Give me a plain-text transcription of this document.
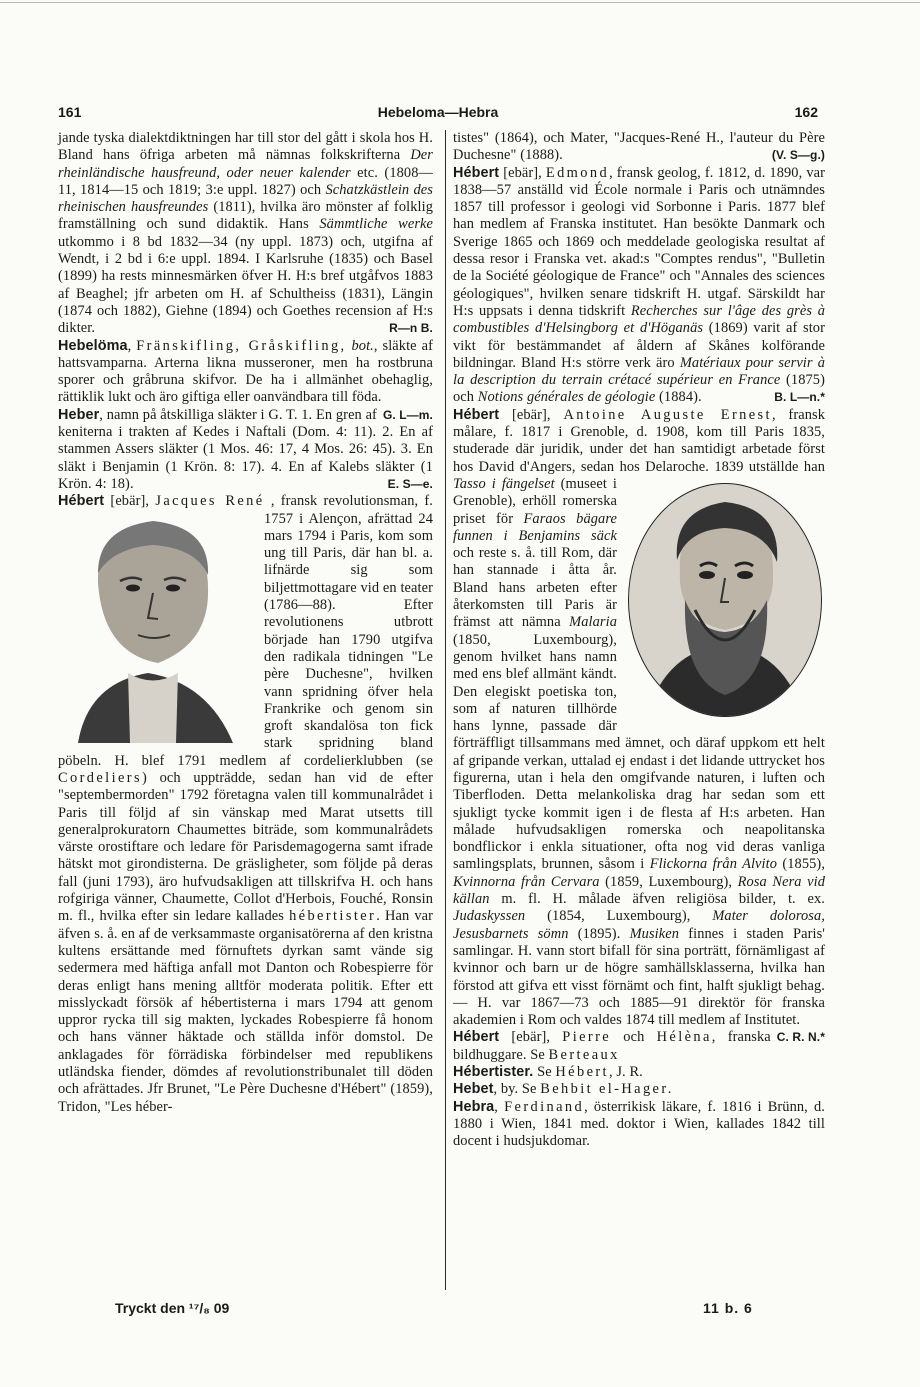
161	Hebeloma—Hebra	162

jande tyska dialektdiktningen har till stor del gått i skola hos H. Bland hans öfriga arbeten må nämnas folkskrifterna Der rheinländische hausfreund, oder neuer kalender etc. (1808—11, 1814—15 och 1819; 3:e uppl. 1827) och Schatzkästlein des rheinischen hausfreundes (1811), hvilka äro mönster af folklig framställning och sund didaktik. Hans Sämmtliche werke utkommo i 8 bd 1832—34 (ny uppl. 1873) och, utgifna af Wendt, i 2 bd i 6:e uppl. 1894. I Karlsruhe (1835) och Basel (1899) ha rests minnesmärken öfver H. H:s bref utgåfvos 1883 af Beaghel; jfr arbeten om H. af Schultheiss (1831), Längin (1874 och 1882), Giehne (1894) och Goethes recension af H:s dikter.	R—n B.

Hebelöma, Fränskifling, Gråskifling, bot., släkte af hattsvamparna. Arterna likna musseroner, men ha rostbruna sporer och gråbruna skifvor. De ha i allmänhet obehaglig, rättiklik lukt och äro giftiga eller oanvändbara till föda.
G. L—m.

Heber, namn på åtskilliga släkter i G. T. 1. En gren af keniterna i trakten af Kedes i Naftali (Dom. 4: 11). 2. En af stammen Assers släkter (1 Mos. 46: 17, 4 Mos. 26: 45). 3. En släkt i Benjamin (1 Krön. 8: 17). 4. En af Kalebs släkter (1 Krön. 4: 18).	E. S—e.

Hébert [ebär], Jacques René , fransk revolutionsman, f. 1757 i Alençon, afrättad 24 mars 1794 i Paris, kom som ung till Paris, där han bl. a. lifnärde sig som biljettmottagare vid en teater (1786—88). Efter revolutionens utbrott började han 1790 utgifva den radikala tidningen "Le père Duchesne", hvilken vann spridning öfver hela Frankrike och genom sin groft skandalösa ton fick stark spridning bland pöbeln. H. blef 1791 medlem af cordelierklubben (se Cordeliers) och uppträdde, sedan han vid de efter "septembermorden" 1792 företagna valen till kommunalrådet i Paris till följd af sin vänskap med Marat utsetts till generalprokuratorn Chaumettes biträde, som kommunalrådets värste orostiftare och ledare för Parisdemagogerna samt ifrade hätskt mot girondisterna. De gräsligheter, som följde på deras fall (juni 1793), äro hufvudsakligen att tillskrifva H. och hans rofgiriga vänner, Chaumette, Collot d'Herbois, Fouché, Ronsin m. fl., hvilka efter sin ledare kallades hébertister. Han var äfven s. å. en af de verksammaste organisatörerna af den kristna kultens ersättande med förnuftets dyrkan samt vände sig sedermera med häftiga anfall mot Danton och Robespierre för deras enligt hans mening alltför moderata politik. Efter ett misslyckadt försök af hébertisterna i mars 1794 att genom uppror rycka till sig makten, lyckades Robespierre få honom och hans vänner häktade och ställda inför domstol. De anklagades för förrädiska förbindelser med republikens utländska fiender, dömdes af revolutionstribunalet till döden och afrättades. Jfr Brunet, "Le Père Duchesne d'Hébert" (1859), Tridon, "Les héber-

tistes" (1864), och Mater, "Jacques-René H., l'auteur du Père Duchesne" (1888).	(V. S—g.)

Hébert [ebär], Edmond, fransk geolog, f. 1812, d. 1890, var 1838—57 anställd vid École normale i Paris och utnämndes 1857 till professor i geologi vid Sorbonne i Paris. 1877 blef han medlem af Franska institutet. Han besökte Danmark och Sverige 1865 och 1869 och meddelade geologiska resultat af dessa resor i Franska vet. akad:s "Comptes rendus", "Bulletin de la Société géologique de France" och "Annales des sciences géologiques", hvilken senare tidskrift H. utgaf. Särskildt har H:s uppsats i denna tidskrift Recherches sur l'âge des grès à combustibles d'Helsingborg et d'Höganäs (1869) varit af stor vikt för bestämmandet af åldern af Skånes kolförande bildningar. Bland H:s större verk äro Matériaux pour servir à la description du terrain crétacé supérieur en France (1875) och Notions générales de géologie (1884).	B. L—n.*

Hébert [ebär], Antoine Auguste Ernest, fransk målare, f. 1817 i Grenoble, d. 1908, kom till Paris 1835, studerade där juridik, under det han samtidigt arbetade först hos David d'Angers, sedan hos Delaroche. 1839 utställde han
Tasso i fängelset (museet i Grenoble), erhöll romerska priset för Faraos bägare funnen i Benjamins säck och reste s. å. till Rom, där han stannade i åtta år. Bland hans arbeten efter återkomsten till Paris är främst att nämna Malaria (1850, Luxembourg), genom hvilket hans namn med ens blef allmänt kändt. Den elegiskt poetiska ton, som af naturen tillhörde hans lynne, passade där förträffligt tillsammans med ämnet, och däraf uppkom ett helt af gripande verkan, uttalad ej endast i det lidande uttrycket hos figurerna, utan i hela den omgifvande naturen, i luften och Tiberfloden. Detta melankoliska drag har sedan som ett sjukligt tycke kommit igen i de flesta af H:s arbeten. Han målade hufvudsakligen romerska och neapolitanska bondflickor i enkla situationer, ofta nog vid deras vanliga samlingsplats, brunnen, såsom i Flickorna från Alvito (1855), Kvinnorna från Cervara (1859, Luxembourg), Rosa Nera vid källan m. fl. H. målade äfven religiösa bilder, t. ex. Judaskyssen (1854, Luxembourg), Mater dolorosa, Jesusbarnets sömn (1895). Musiken finnes i staden Paris' samlingar. H. vann stort bifall för sina porträtt, förnämligast af kvinnor och barn ur de högre samhällsklasserna, hvilka han förstod att gifva ett visst förnämt och fint, halft sjukligt behag. — H. var 1867—73 och 1885—91 direktör för franska akademien i Rom och valdes 1874 till medlem af Institutet.
C. R. N.*

Hébert [ebär], Pierre och Hélèna, franska bildhuggare. Se Berteaux

Hébertister. Se Hébert, J. R.

Hebet, by. Se Behbit el-Hager.

Hebra, Ferdinand, österrikisk läkare, f. 1816 i Brünn, d. 1880 i Wien, 1841 med. doktor i Wien, kallades 1842 till docent i hudsjukdomar.

Tryckt den ¹⁷/₈ 09	11 b. 6
